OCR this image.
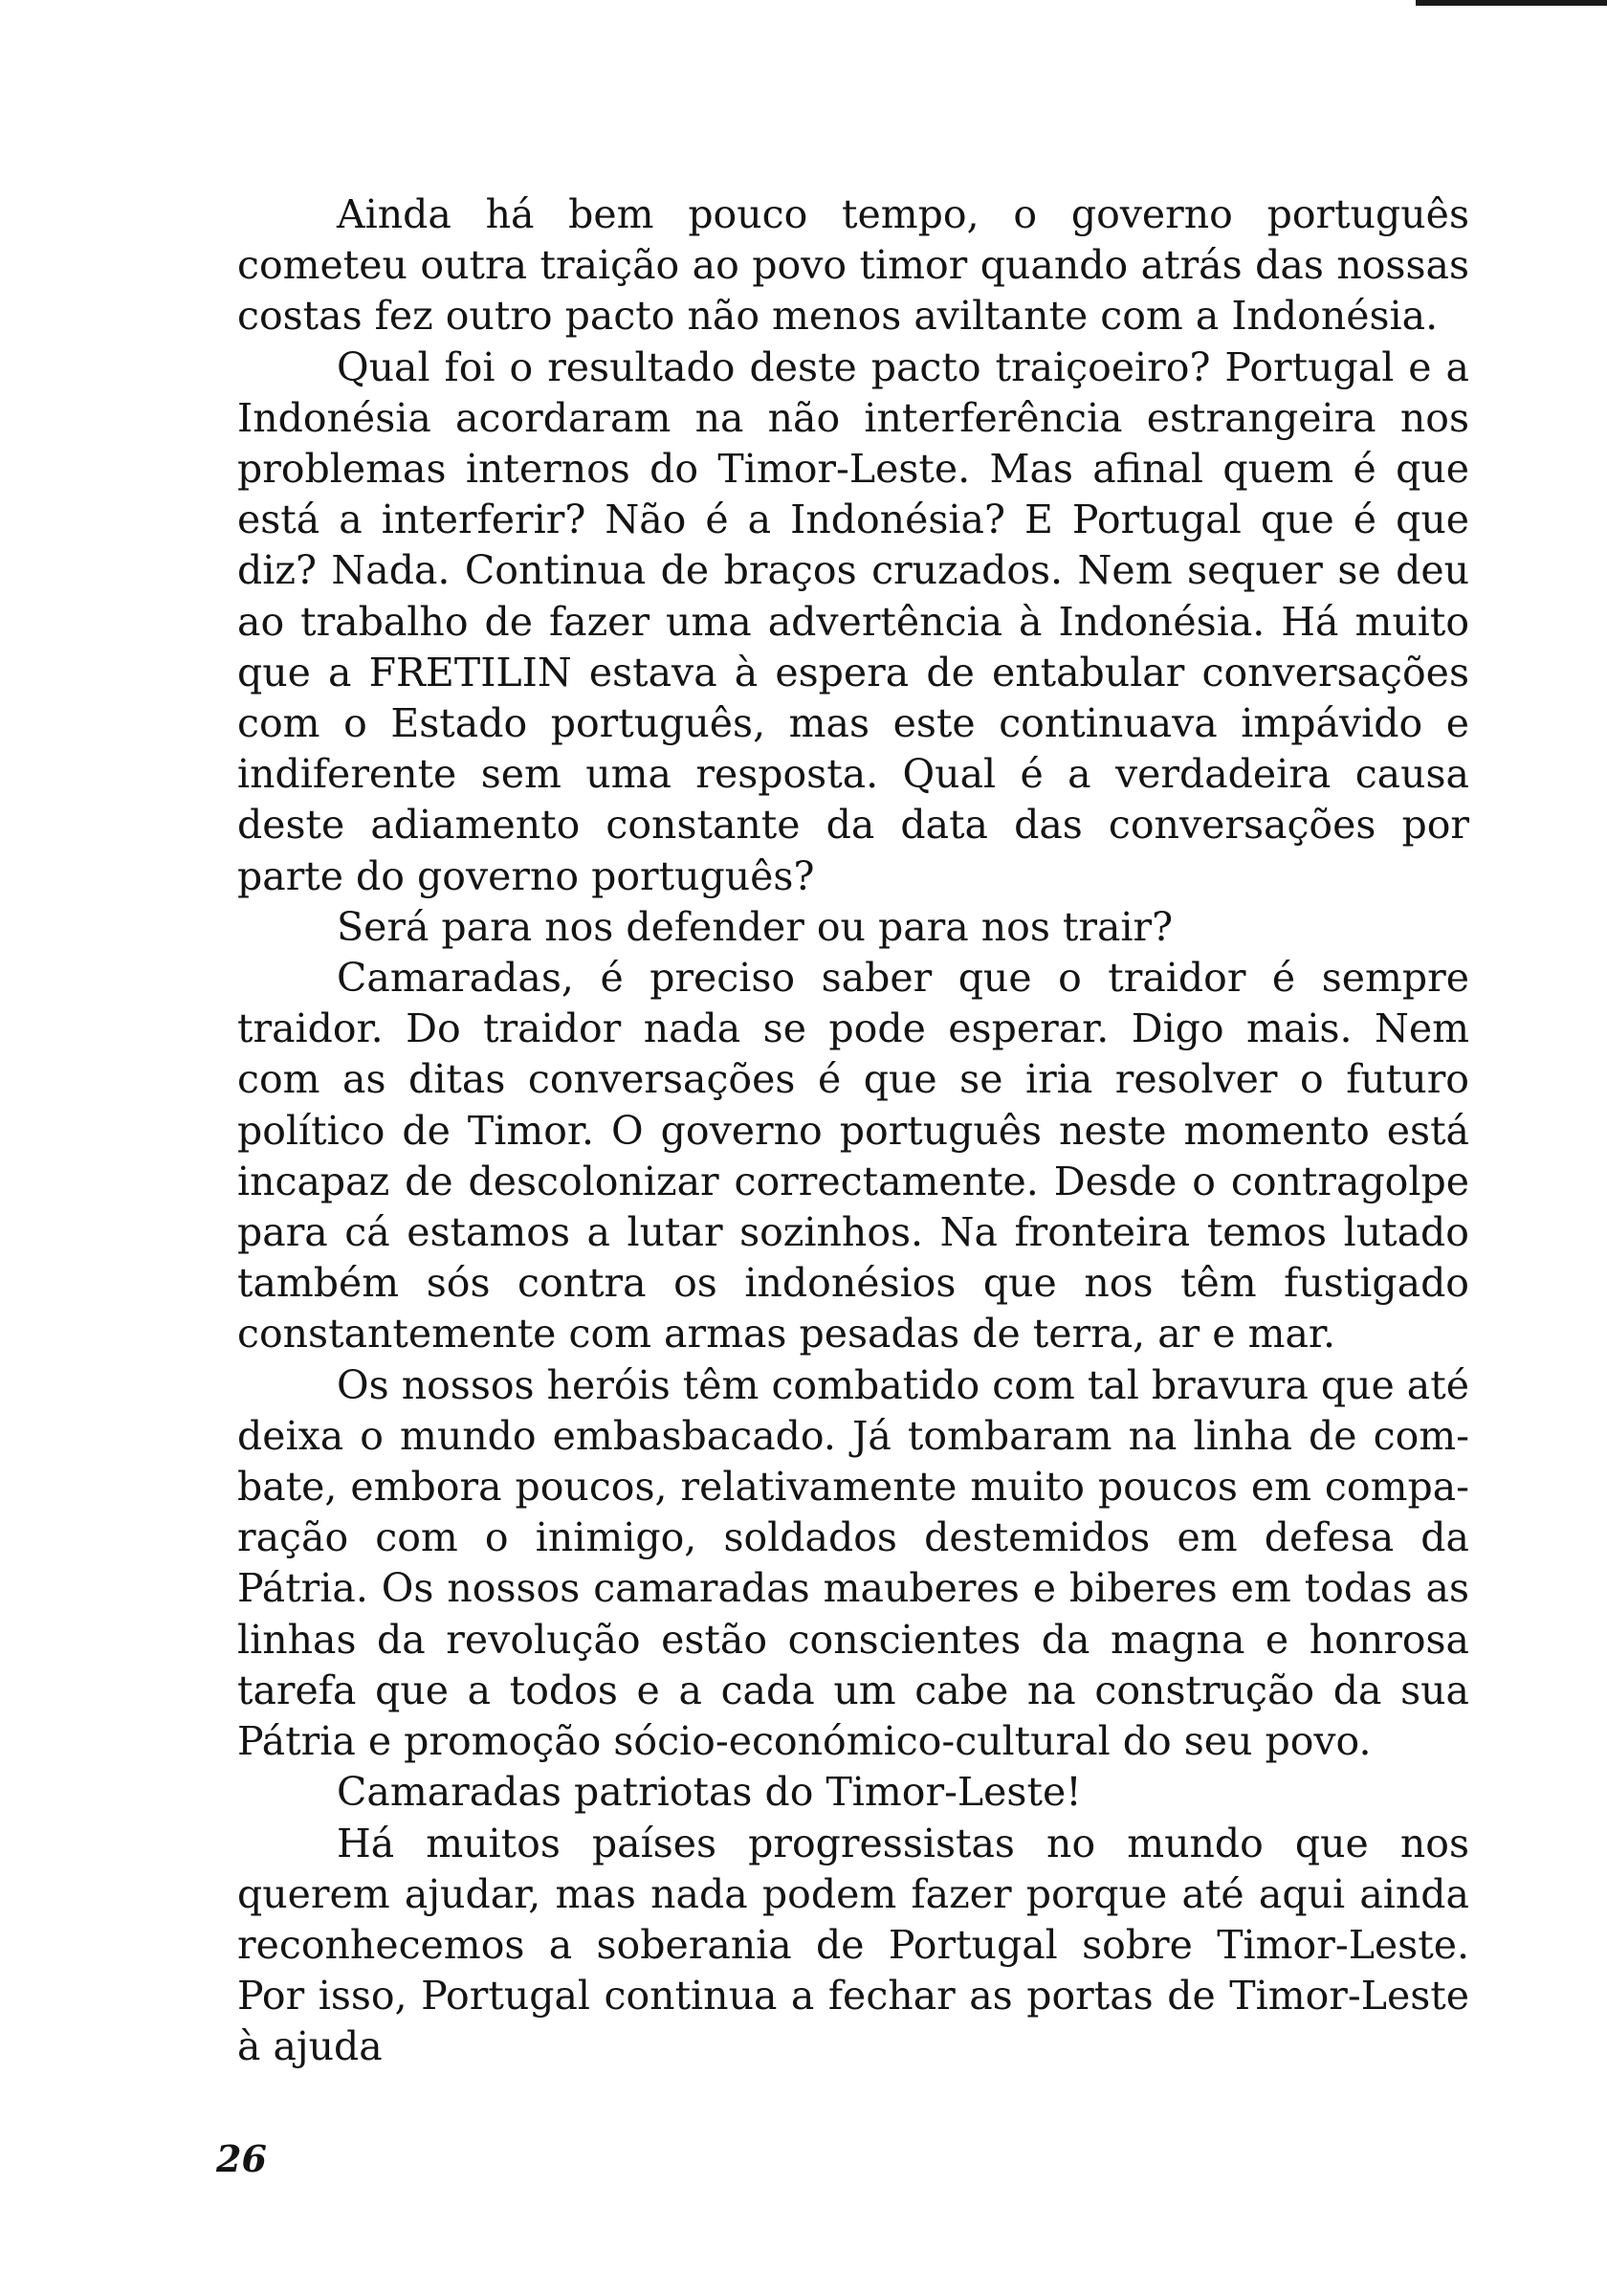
Ainda há bem pouco tempo, o governo português cometeu outra traição ao povo timor quando atrás das nossas costas fez outro pacto não menos aviltante com a Indonésia.

Qual foi o resultado deste pacto traiçoeiro? Portugal e a Indonésia acordaram na não interferência estrangeira nos problemas internos do Timor-Leste. Mas afinal quem é que está a interferir? Não é a Indonésia? E Portugal que é que diz? Nada. Continua de braços cruzados. Nem sequer se deu ao trabalho de fazer uma advertência à Indonésia. Há muito que a FRETILIN estava à espera de entabular conversações com o Estado português, mas este continuava impávido e indiferente sem uma resposta. Qual é a verdadeira causa deste adiamento constante da data das conversações por parte do governo português?

Será para nos defender ou para nos trair?

Camaradas, é preciso saber que o traidor é sempre traidor. Do traidor nada se pode esperar. Digo mais. Nem com as ditas conversações é que se iria resolver o futuro político de Timor. O governo português neste momento está incapaz de descolonizar correctamente. Desde o contragolpe para cá estamos a lutar sozinhos. Na fronteira temos lutado também sós contra os indonésios que nos têm fustigado constantemente com armas pesadas de terra, ar e mar.

Os nossos heróis têm combatido com tal bravura que até deixa o mundo embasbacado. Já tombaram na linha de combate, embora poucos, relativamente muito poucos em comparação com o inimigo, soldados destemidos em defesa da Pátria. Os nossos camaradas mauberes e biberes em todas as linhas da revolução estão conscientes da magna e honrosa tarefa que a todos e a cada um cabe na construção da sua Pátria e promoção sócio-económico-cultural do seu povo.

Camaradas patriotas do Timor-Leste!

Há muitos países progressistas no mundo que nos querem ajudar, mas nada podem fazer porque até aqui ainda reconhecemos a soberania de Portugal sobre Timor-Leste. Por isso, Portugal continua a fechar as portas de Timor-Leste à ajuda

26
